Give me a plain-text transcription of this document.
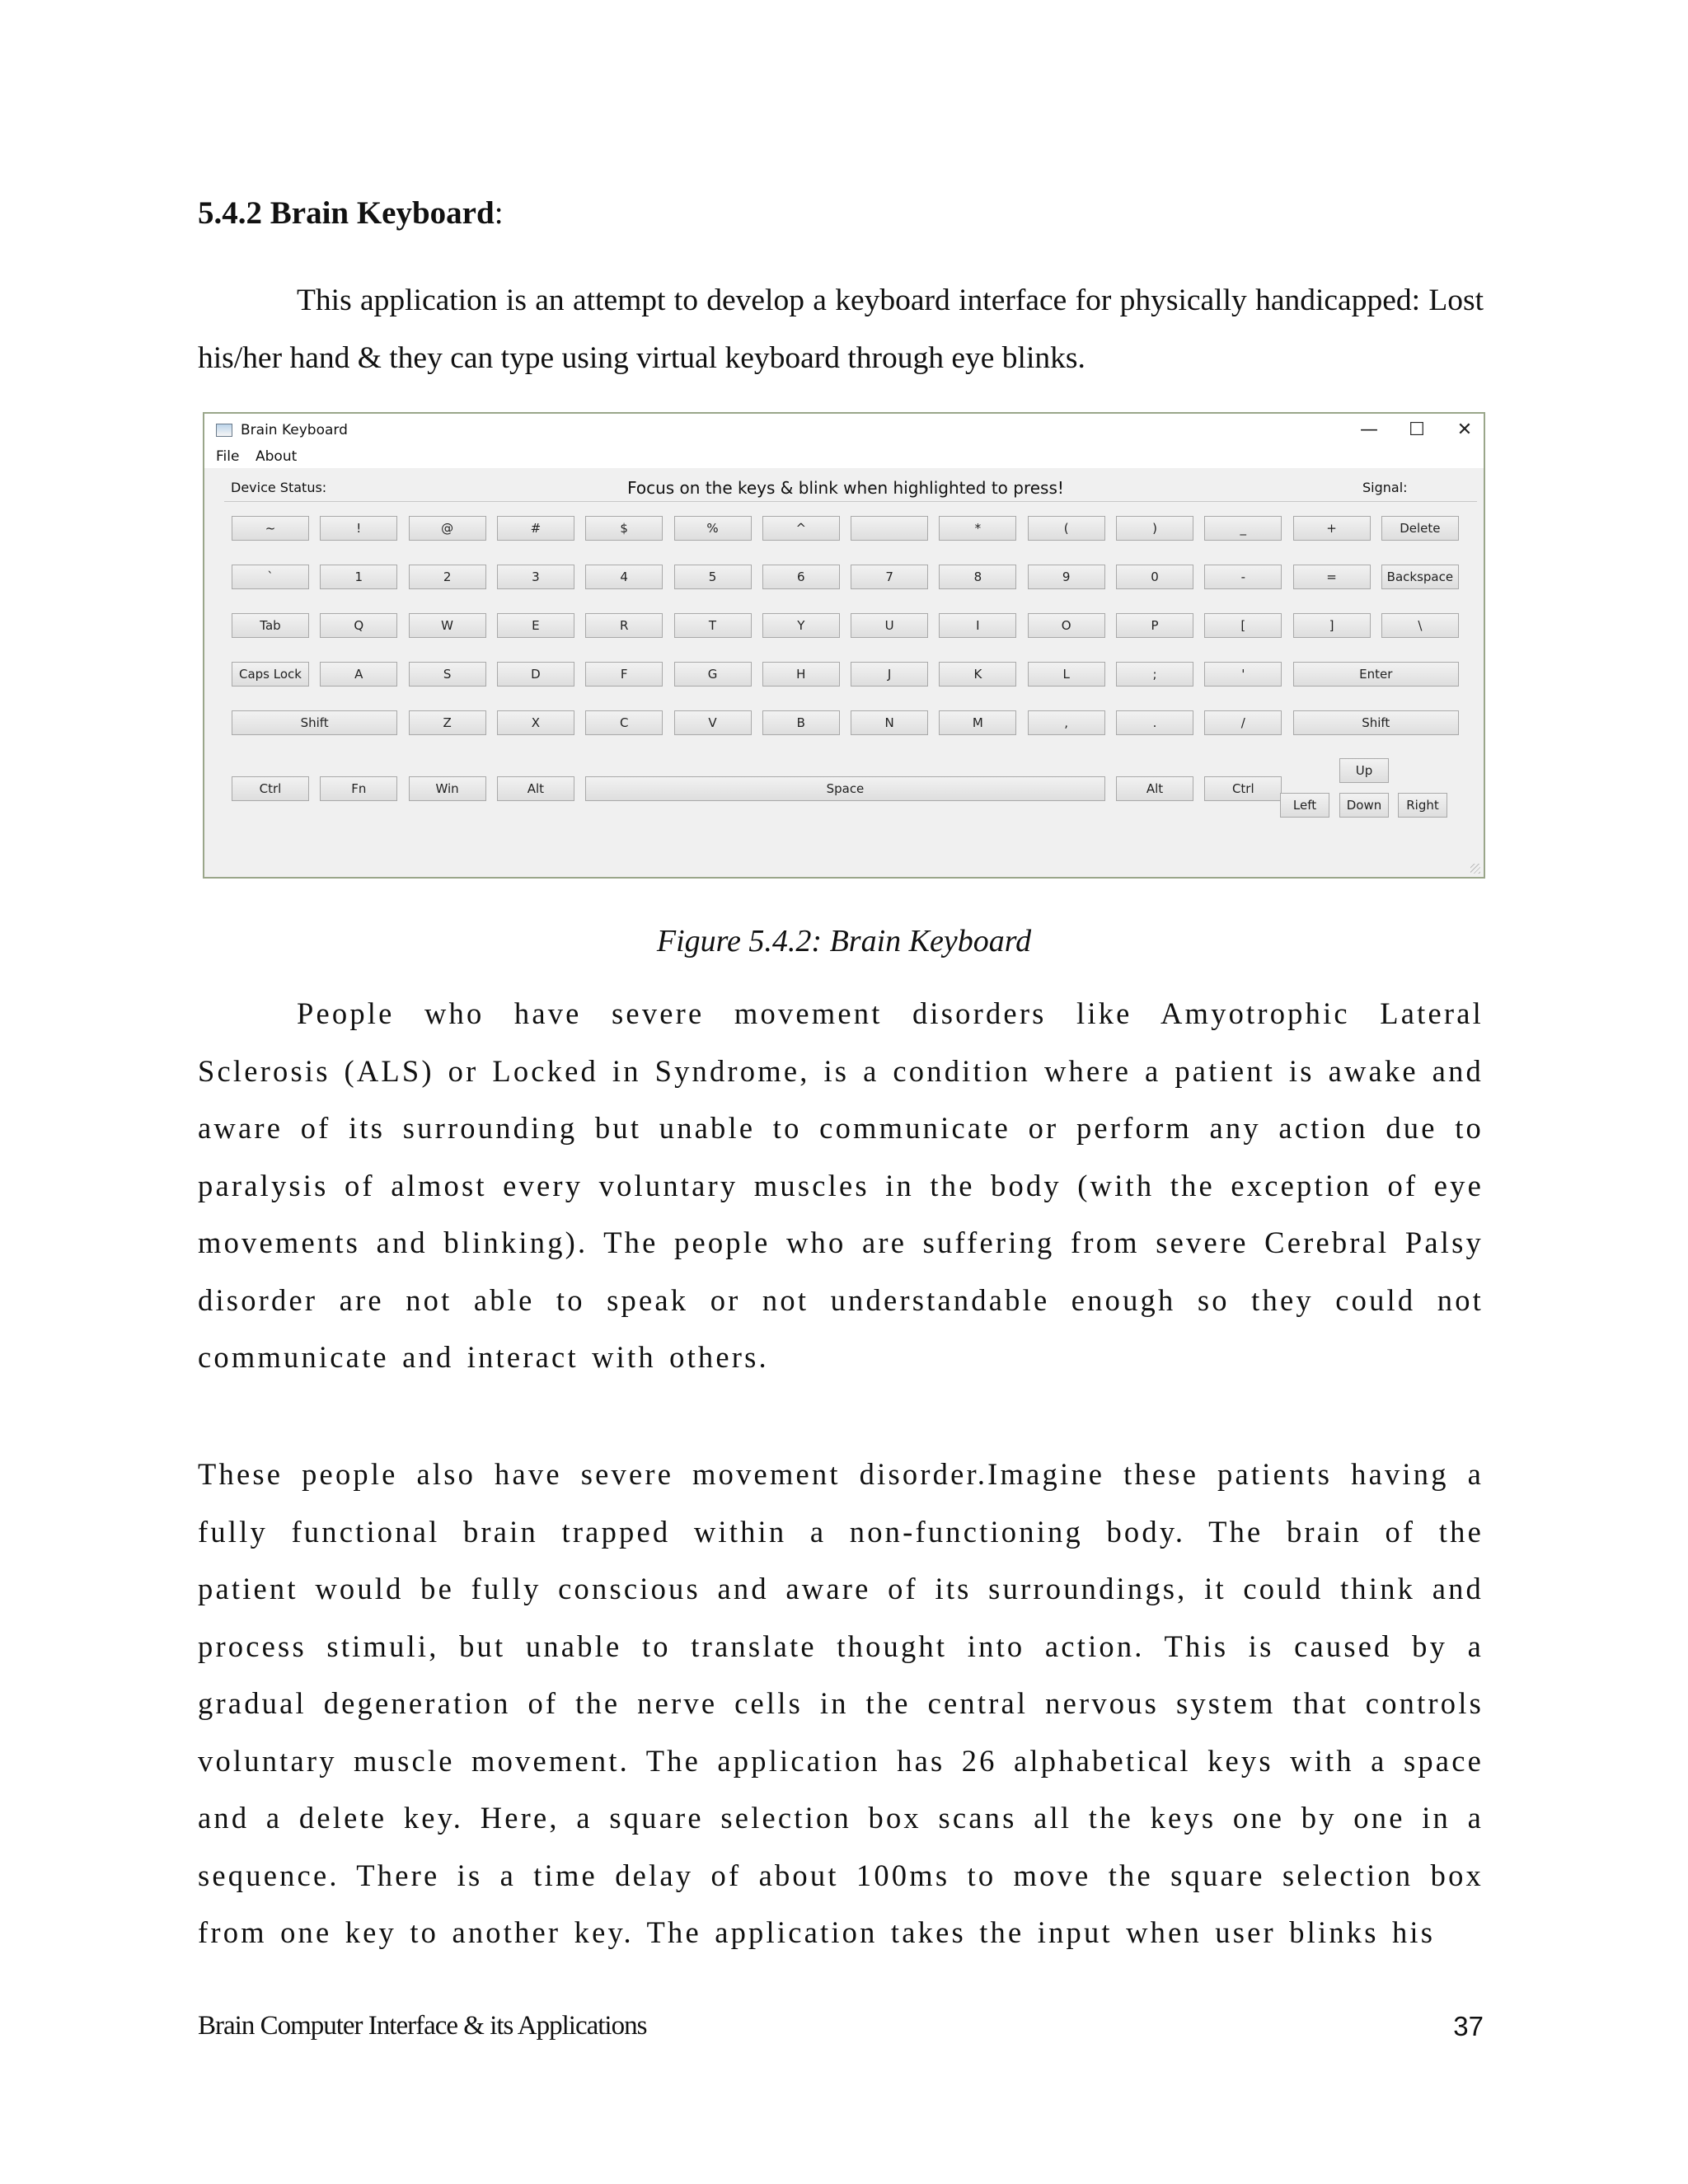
5.4.2 Brain Keyboard:

This application is an attempt to develop a keyboard interface for physically handicapped: Lost his/her hand & they can type using virtual keyboard through eye blinks.

Brain Keyboard	—	☐	✕
File About
Device Status:	Focus on the keys & blink when highlighted to press!	Signal:
~	!	@	#	$	%	^	*	(	)	_	+	Delete
`	1	2	3	4	5	6	7	8	9	0	-	=	Backspace
Tab	Q	W	E	R	T	Y	U	I	O	P	[	]	\
Caps Lock	A	S	D	F	G	H	J	K	L	;	'	Enter
Shift	Z	X	C	V	B	N	M	,	.	/	Shift
Ctrl	Fn	Win	Alt	Space	Alt	Ctrl
Up
Left	Down	Right
Figure 5.4.2: Brain Keyboard

People who have severe movement disorders like Amyotrophic Lateral Sclerosis (ALS) or Locked in Syndrome, is a condition where a patient is awake and aware of its surrounding but unable to communicate or perform any action due to paralysis of almost every voluntary muscles in the body (with the exception of eye movements and blinking). The people who are suffering from severe Cerebral Palsy disorder are not able to speak or not understandable enough so they could not communicate and interact with others.

These people also have severe movement disorder.Imagine these patients having a fully functional brain trapped within a non-functioning body. The brain of the patient would be fully conscious and aware of its surroundings, it could think and process stimuli, but unable to translate thought into action. This is caused by a gradual degeneration of the nerve cells in the central nervous system that controls voluntary muscle movement. The application has 26 alphabetical keys with a space and a delete key. Here, a square selection box scans all the keys one by one in a sequence. There is a time delay of about 100ms to move the square selection box from one key to another key. The application takes the input when user blinks his

Brain Computer Interface & its Applications	37
